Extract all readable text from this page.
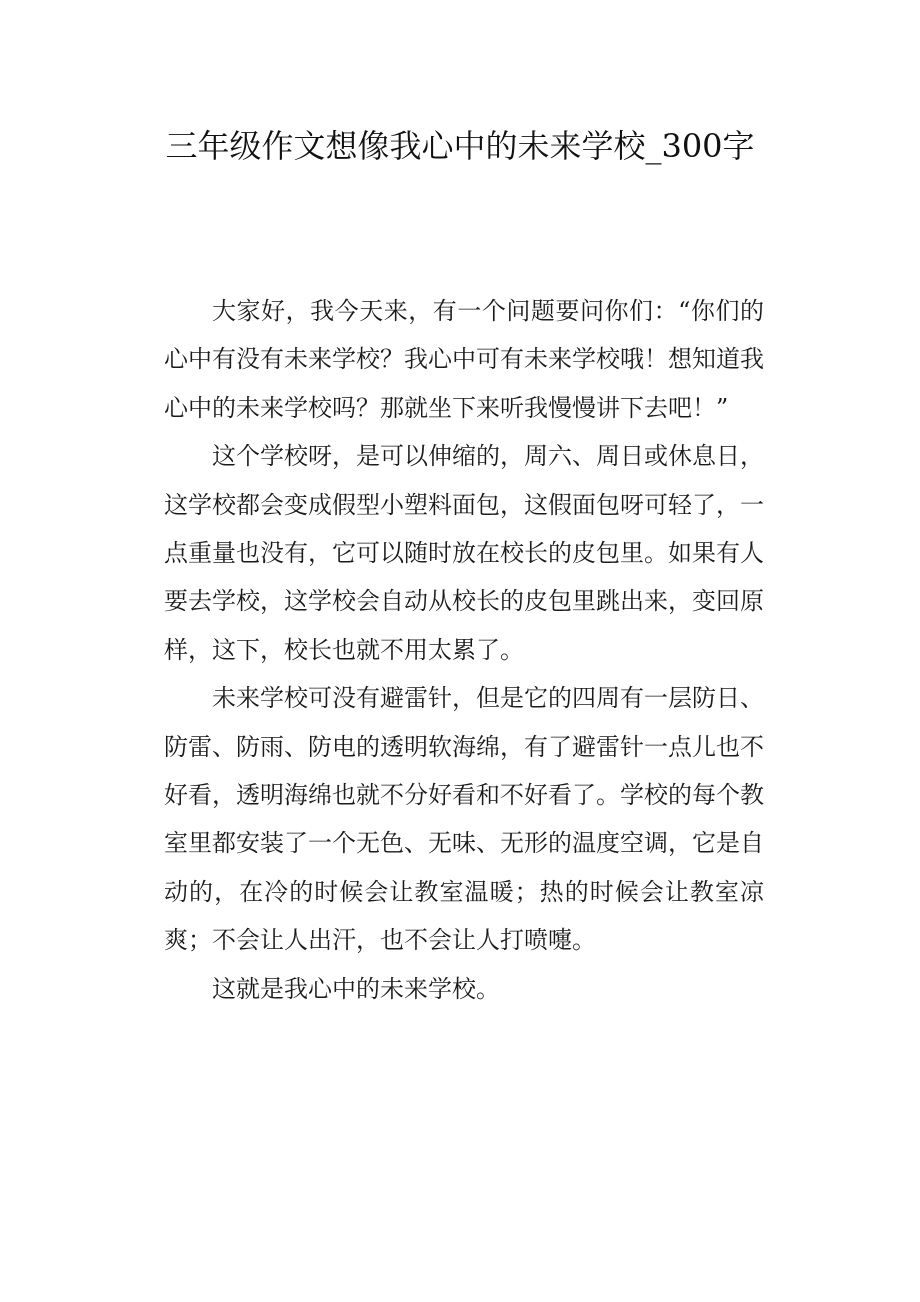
三年级作文想像我心中的未来学校_300字

大家好，我今天来，有一个问题要问你们：“你们的心中有没有未来学校？我心中可有未来学校哦！想知道我心中的未来学校吗？那就坐下来听我慢慢讲下去吧！”

这个学校呀，是可以伸缩的，周六、周日或休息日，这学校都会变成假型小塑料面包，这假面包呀可轻了，一点重量也没有，它可以随时放在校长的皮包里。如果有人要去学校，这学校会自动从校长的皮包里跳出来，变回原样，这下，校长也就不用太累了。

未来学校可没有避雷针，但是它的四周有一层防日、防雷、防雨、防电的透明软海绵，有了避雷针一点儿也不好看，透明海绵也就不分好看和不好看了。学校的每个教室里都安装了一个无色、无味、无形的温度空调，它是自动的，在冷的时候会让教室温暖；热的时候会让教室凉爽；不会让人出汗，也不会让人打喷嚏。

这就是我心中的未来学校。
